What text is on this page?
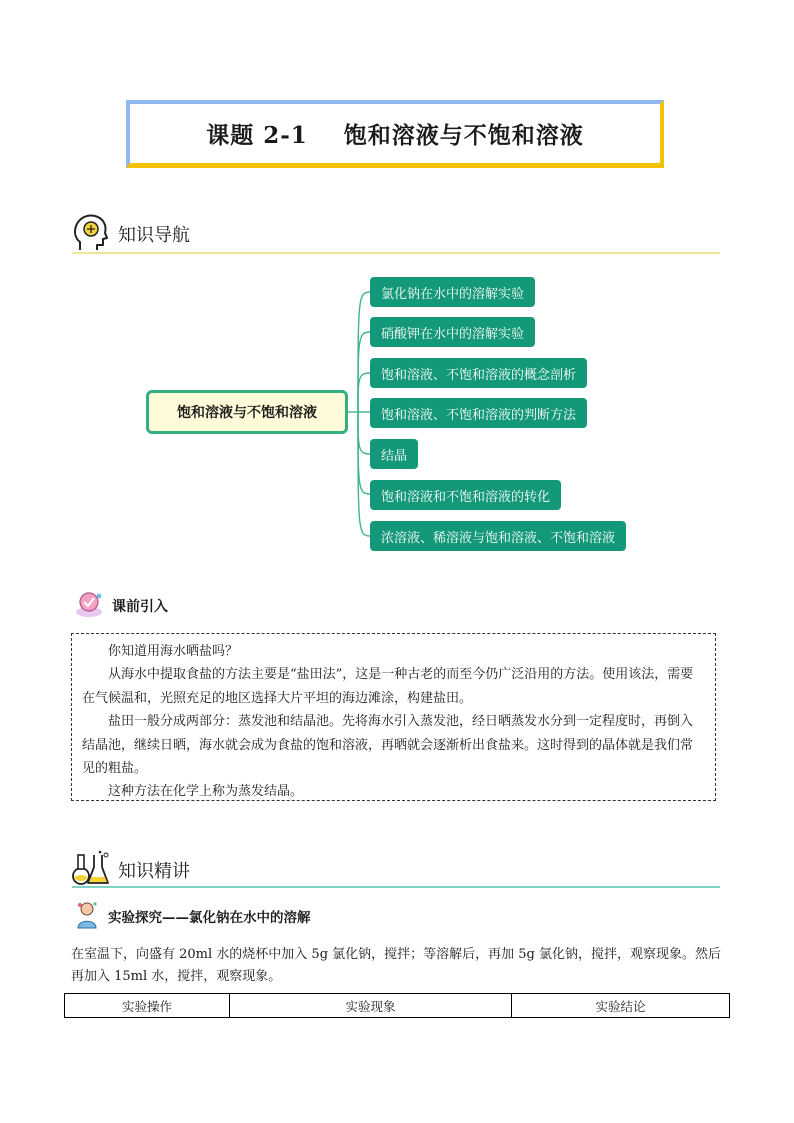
课题 2-1    饱和溶液与不饱和溶液
知识导航
饱和溶液与不饱和溶液
氯化钠在水中的溶解实验
硝酸钾在水中的溶解实验
饱和溶液、不饱和溶液的概念剖析
饱和溶液、不饱和溶液的判断方法
结晶
饱和溶液和不饱和溶液的转化
浓溶液、稀溶液与饱和溶液、不饱和溶液
课前引入

你知道用海水晒盐吗？

从海水中提取食盐的方法主要是“盐田法”，这是一种古老的而至今仍广泛沿用的方法。使用该法，需要在气候温和，光照充足的地区选择大片平坦的海边滩涂，构建盐田。

盐田一般分成两部分：蒸发池和结晶池。先将海水引入蒸发池，经日晒蒸发水分到一定程度时，再倒入结晶池，继续日晒，海水就会成为食盐的饱和溶液，再晒就会逐渐析出食盐来。这时得到的晶体就是我们常见的粗盐。

这种方法在化学上称为蒸发结晶。

知识精讲
实验探究——氯化钠在水中的溶解
在室温下，向盛有 20ml 水的烧杯中加入 5g 氯化钠，搅拌；等溶解后，再加 5g 氯化钠，搅拌，观察现象。然后再加入 15ml 水，搅拌，观察现象。
实验操作	实验现象	实验结论
